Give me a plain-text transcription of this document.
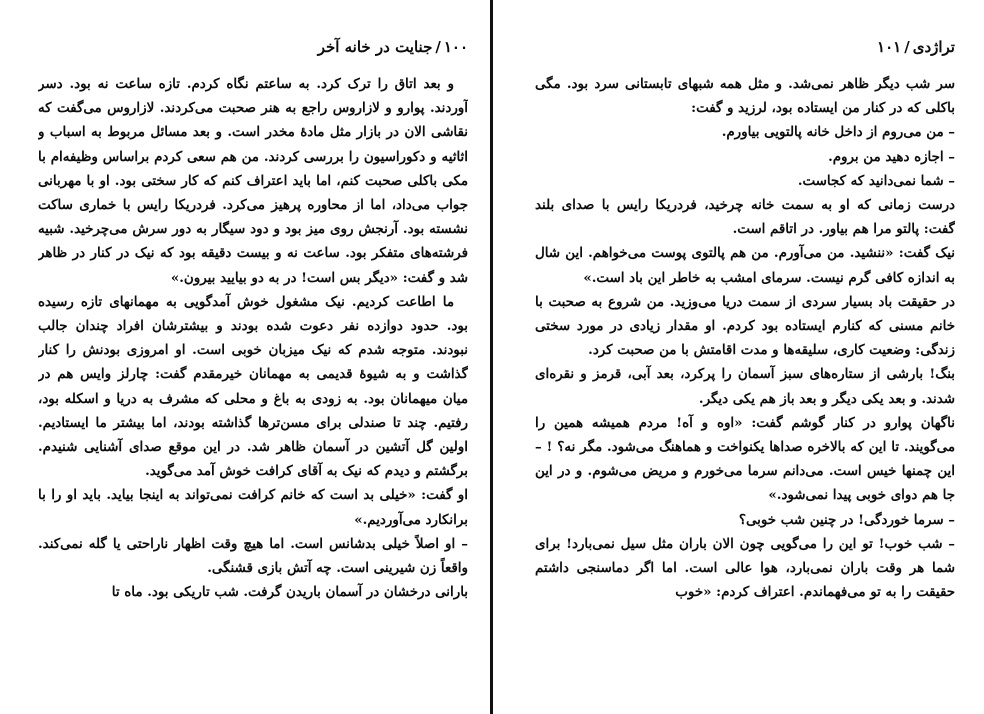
۱۰۰/جنایت در خانه آخر

و بعد اتاق را ترک کرد. به ساعتم نگاه کردم. تازه ساعت نه بود. دسر آوردند. پوارو و لازاروس راجع به هنر صحبت می‌کردند. لازاروس می‌گفت که نقاشی الان در بازار مثل مادهٔ مخدر است. و بعد مسائل مربوط به اسباب و اثاثیه و دکوراسیون را بررسی کردند. من هم سعی کردم براساس وظیفه‌ام با مکی باکلی صحبت کنم، اما باید اعتراف کنم که کار سختی بود. او با مهربانی جواب می‌داد، اما از محاوره پرهیز می‌کرد. فردریکا رایس با خماری ساکت نشسته بود. آرنجش روی میز بود و دود سیگار به دور سرش می‌چرخید. شبیه فرشته‌های متفکر بود. ساعت نه و بیست دقیقه بود که نیک در کنار در ظاهر شد و گفت: «دیگر بس است! در به دو بیایید بیرون.»

ما اطاعت کردیم. نیک مشغول خوش آمدگویی به مهمانهای تازه رسیده بود. حدود دوازده نفر دعوت شده بودند و بیشترشان افراد چندان جالب نبودند. متوجه شدم که نیک میزبان خوبی است. او امروزی بودنش را کنار گذاشت و به شیوهٔ قدیمی به مهمانان خیرمقدم گفت: چارلز وایس هم در میان میهمانان بود. به زودی به باغ و محلی که مشرف به دریا و اسکله بود، رفتیم. چند تا صندلی برای مسن‌ترها گذاشته بودند، اما بیشتر ما ایستادیم. اولین گل آتشین در آسمان ظاهر شد. در این موقع صدای آشنایی شنیدم. برگشتم و دیدم که نیک به آقای کرافت خوش آمد می‌گوید.

او گفت: «خیلی بد است که خانم کرافت نمی‌تواند به اینجا بیاید. باید او را با برانکارد می‌آوردیم.»

– او اصلاً خیلی بدشانس است. اما هیچ وقت اظهار ناراحتی یا گله نمی‌کند. واقعاً زن شیرینی است. چه آتش بازی قشنگی.

بارانی درخشان در آسمان باریدن گرفت. شب تاریکی بود. ماه تا

تراژدی/۱۰۱

سر شب دیگر ظاهر نمی‌شد. و مثل همه شبهای تابستانی سرد بود. مگی باکلی که در کنار من ایستاده بود، لرزید و گفت:

– من می‌روم از داخل خانه پالتویی بیاورم.

– اجازه دهید من بروم.

– شما نمی‌دانید که کجاست.

درست زمانی که او به سمت خانه چرخید، فردریکا رایس با صدای بلند گفت: پالتو مرا هم بیاور. در اتاقم است.

نیک گفت: «ننشید. من می‌آورم. من هم پالتوی پوست می‌خواهم. این شال به اندازه کافی گرم نیست. سرمای امشب به خاطر این باد است.»

در حقیقت باد بسیار سردی از سمت دریا می‌وزید. من شروع به صحبت با خانم مسنی که کنارم ایستاده بود کردم. او مقدار زیادی در مورد سختی زندگی: وضعیت کاری، سلیقه‌ها و مدت اقامتش با من صحبت کرد.

بنگ! بارشی از ستاره‌های سبز آسمان را پرکرد، بعد آبی، قرمز و نقره‌ای شدند. و بعد یکی دیگر و بعد باز هم یکی دیگر.

ناگهان پوارو در کنار گوشم گفت: «اوه و آه! مردم همیشه همین را می‌گویند. تا این که بالاخره صداها یکنواخت و هماهنگ می‌شود. مگر نه؟ ! – این چمنها خیس است. می‌دانم سرما می‌خورم و مریض می‌شوم. و در این جا هم دوای خوبی پیدا نمی‌شود.»

– سرما خوردگی! در چنین شب خوبی؟

– شب خوب! تو این را می‌گویی چون الان باران مثل سیل نمی‌بارد! برای شما هر وقت باران نمی‌بارد، هوا عالی است. اما اگر دماسنجی داشتم حقیقت را به تو می‌فهماندم. اعتراف کردم: «خوب
